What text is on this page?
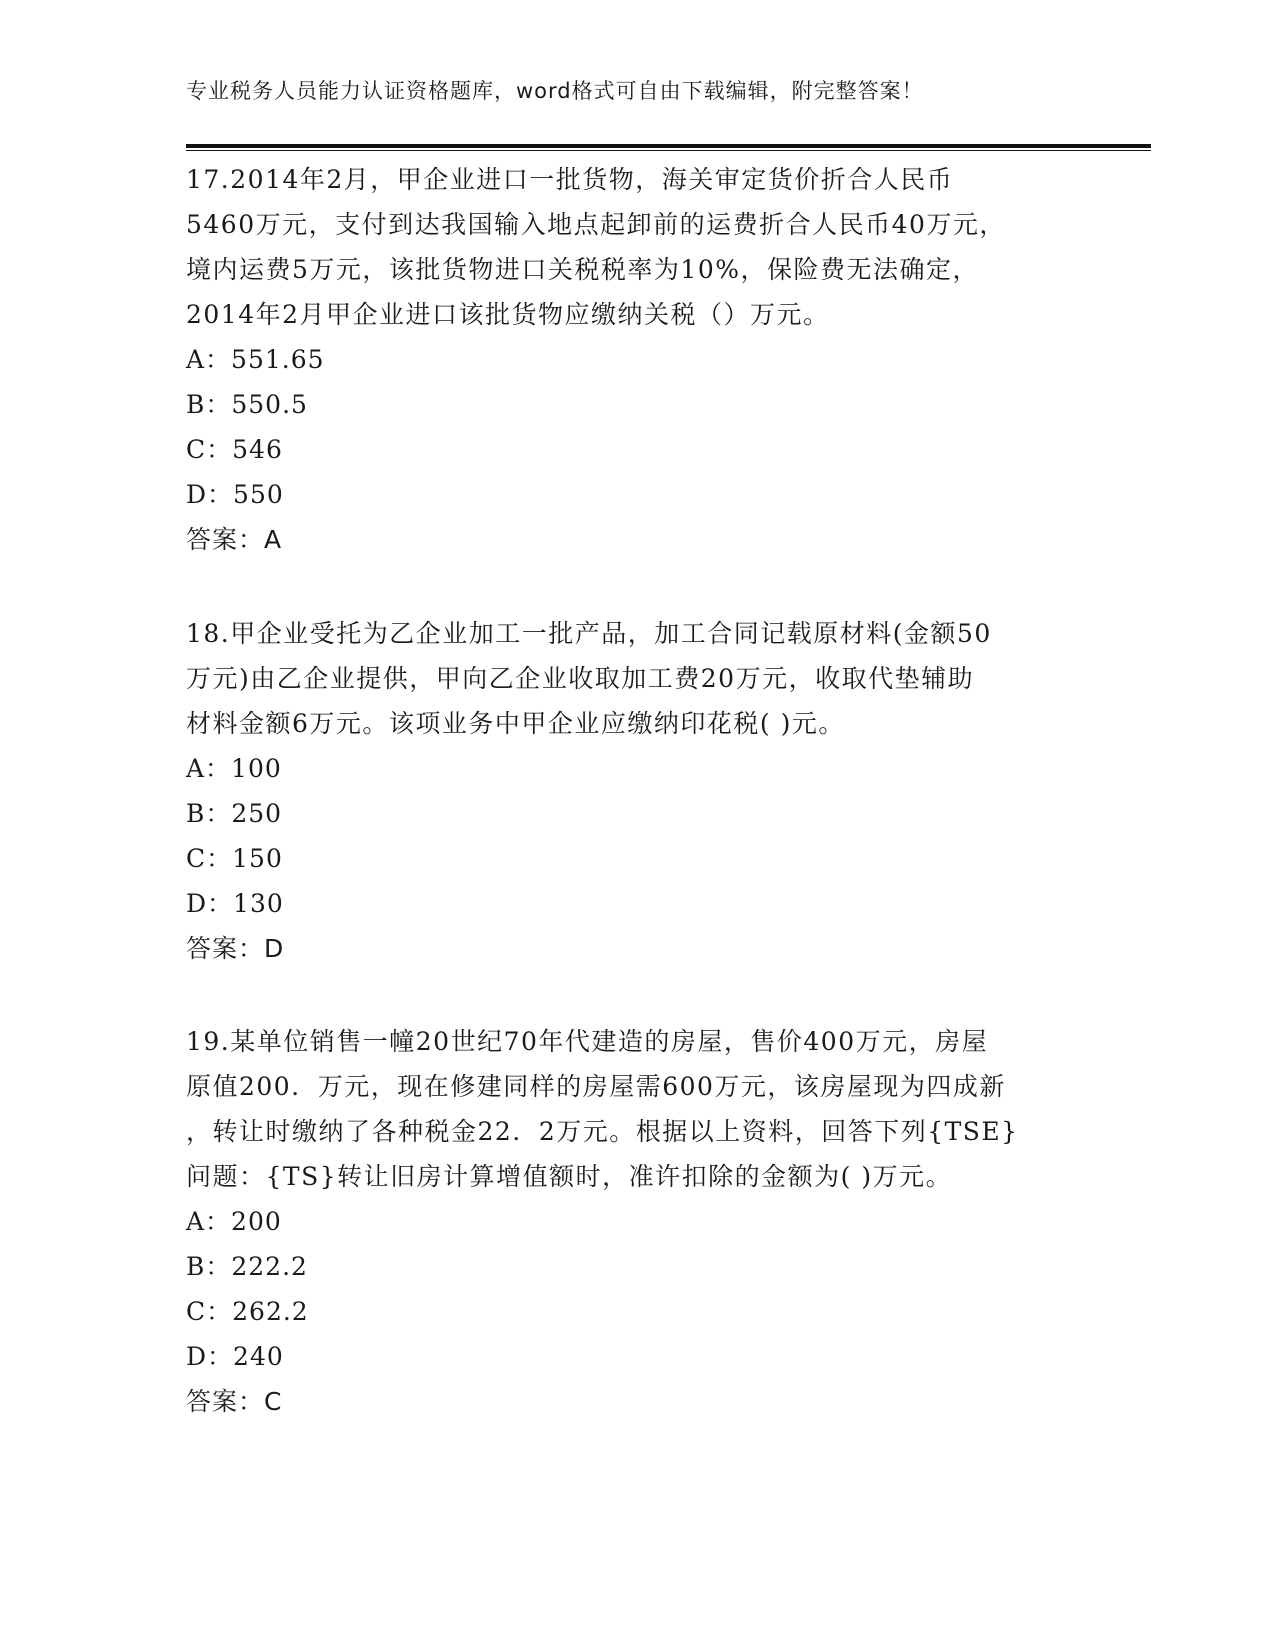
专业税务人员能力认证资格题库，word格式可自由下载编辑，附完整答案！
17.2014年2月，甲企业进口一批货物，海关审定货价折合人民币
5460万元，支付到达我国输入地点起卸前的运费折合人民币40万元，
境内运费5万元，该批货物进口关税税率为10%，保险费无法确定，
2014年2月甲企业进口该批货物应缴纳关税（）万元。
A：551.65
B：550.5
C：546
D：550
答案：A
18.甲企业受托为乙企业加工一批产品，加工合同记载原材料(金额50
万元)由乙企业提供，甲向乙企业收取加工费20万元，收取代垫辅助
材料金额6万元。该项业务中甲企业应缴纳印花税( )元。
A：100
B：250
C：150
D：130
答案：D
19.某单位销售一幢20世纪70年代建造的房屋，售价400万元，房屋
原值200．万元，现在修建同样的房屋需600万元，该房屋现为四成新
，转让时缴纳了各种税金22．2万元。根据以上资料，回答下列{TSE}
问题：{TS}转让旧房计算增值额时，准许扣除的金额为( )万元。
A：200
B：222.2
C：262.2
D：240
答案：C
